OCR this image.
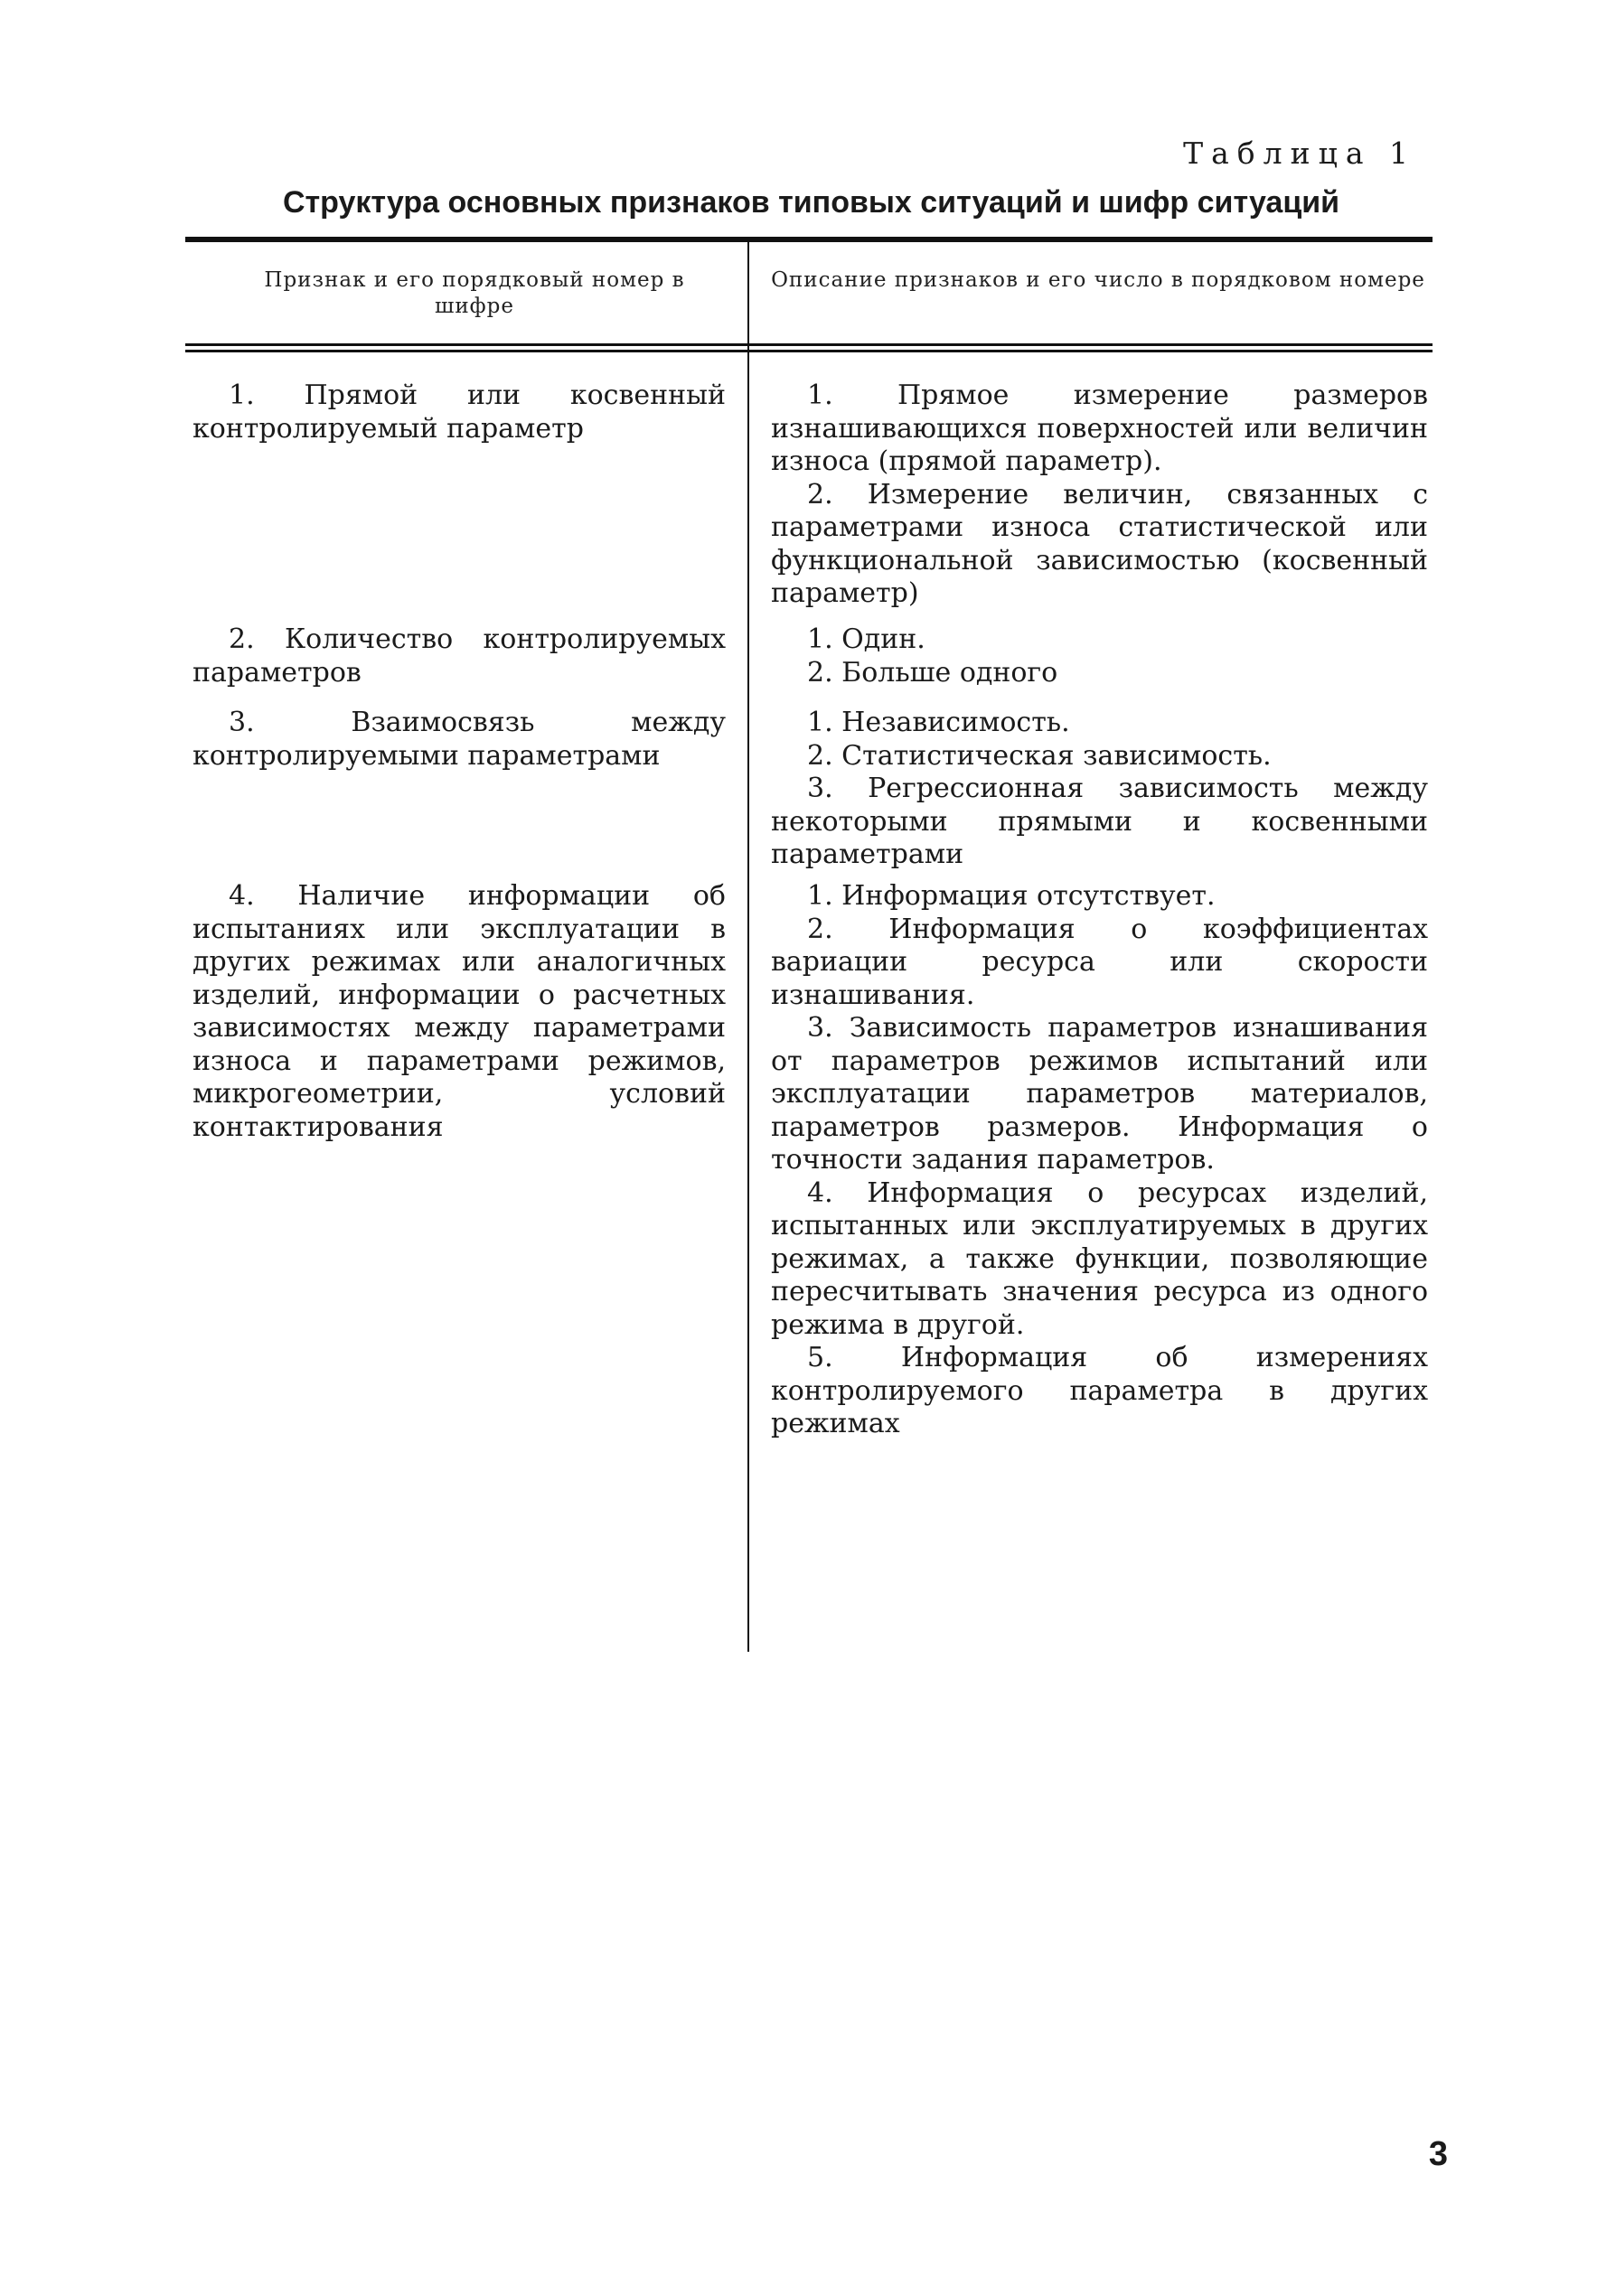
Таблица 1
Структура основных признаков типовых ситуаций и шифр ситуаций
Признак и его порядковый номер в шифре
Описание признаков и его число в порядковом номере

1. Прямой или косвенный контролируемый параметр

1. Прямое измерение размеров изнашивающихся поверхностей или величин износа (прямой параметр).

2. Измерение величин, связанных с параметрами износа статистической или функциональной зависимостью (косвенный параметр)

2. Количество контролируемых параметров

1. Один.

2. Больше одного

3. Взаимосвязь между контролируемыми параметрами

1. Независимость.

2. Статистическая зависимость.

3. Регрессионная зависимость между некоторыми прямыми и косвенными параметрами

4. Наличие информации об испытаниях или эксплуатации в других режимах или аналогичных изделий, информации о расчетных зависимостях между параметрами износа и параметрами режимов, микрогеометрии, условий контактирования

1. Информация отсутствует.

2. Информация о коэффициентах вариации ресурса или скорости изнашивания.

3. Зависимость параметров изнашивания от параметров режимов испытаний или эксплуатации параметров материалов, параметров размеров. Информация о точности задания параметров.

4. Информация о ресурсах изделий, испытанных или эксплуатируемых в других режимах, а также функции, позволяющие пересчитывать значения ресурса из одного режима в другой.

5. Информация об измерениях контролируемого параметра в других режимах

3
